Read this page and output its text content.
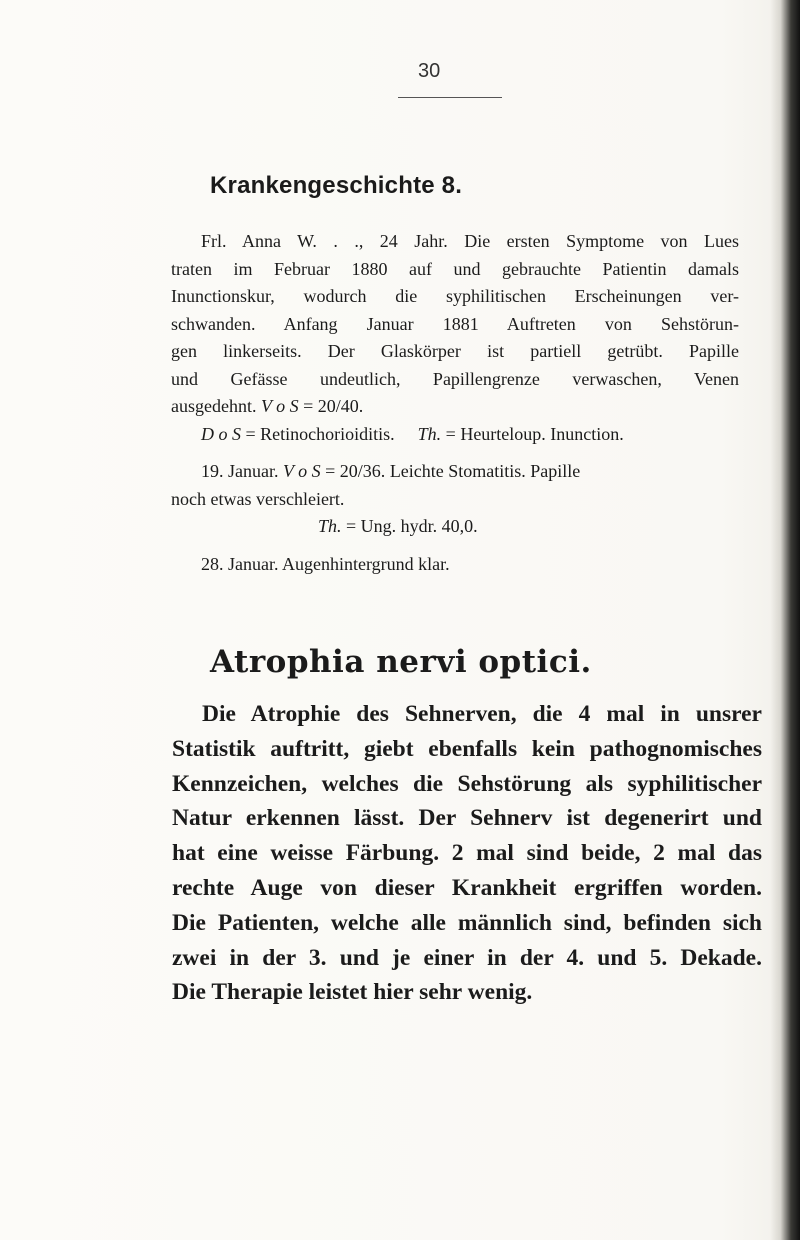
30
Krankengeschichte 8.

Frl. Anna W. . ., 24 Jahr. Die ersten Symptome von Lues

traten im Februar 1880 auf und gebrauchte Patientin damals

Inunctionskur, wodurch die syphilitischen Erscheinungen ver-

schwanden. Anfang Januar 1881 Auftreten von Sehstörun-

gen linkerseits. Der Glaskörper ist partiell getrübt. Papille

und Gefässe undeutlich, Papillengrenze verwaschen, Venen

ausgedehnt. V o S = 20/40.

D o S = Retinochorioiditis. Th. = Heurteloup. Inunction.

19. Januar. V o S = 20/36. Leichte Stomatitis. Papille

noch etwas verschleiert.

Th. = Ung. hydr. 40,0.

28. Januar. Augenhintergrund klar.

Atrophia nervi optici.

Die Atrophie des Sehnerven, die 4 mal in unsrer

Statistik auftritt, giebt ebenfalls kein pathognomisches

Kennzeichen, welches die Sehstörung als syphilitischer

Natur erkennen lässt. Der Sehnerv ist degenerirt und

hat eine weisse Färbung. 2 mal sind beide, 2 mal das

rechte Auge von dieser Krankheit ergriffen worden.

Die Patienten, welche alle männlich sind, befinden sich

zwei in der 3. und je einer in der 4. und 5. Dekade.

Die Therapie leistet hier sehr wenig.
